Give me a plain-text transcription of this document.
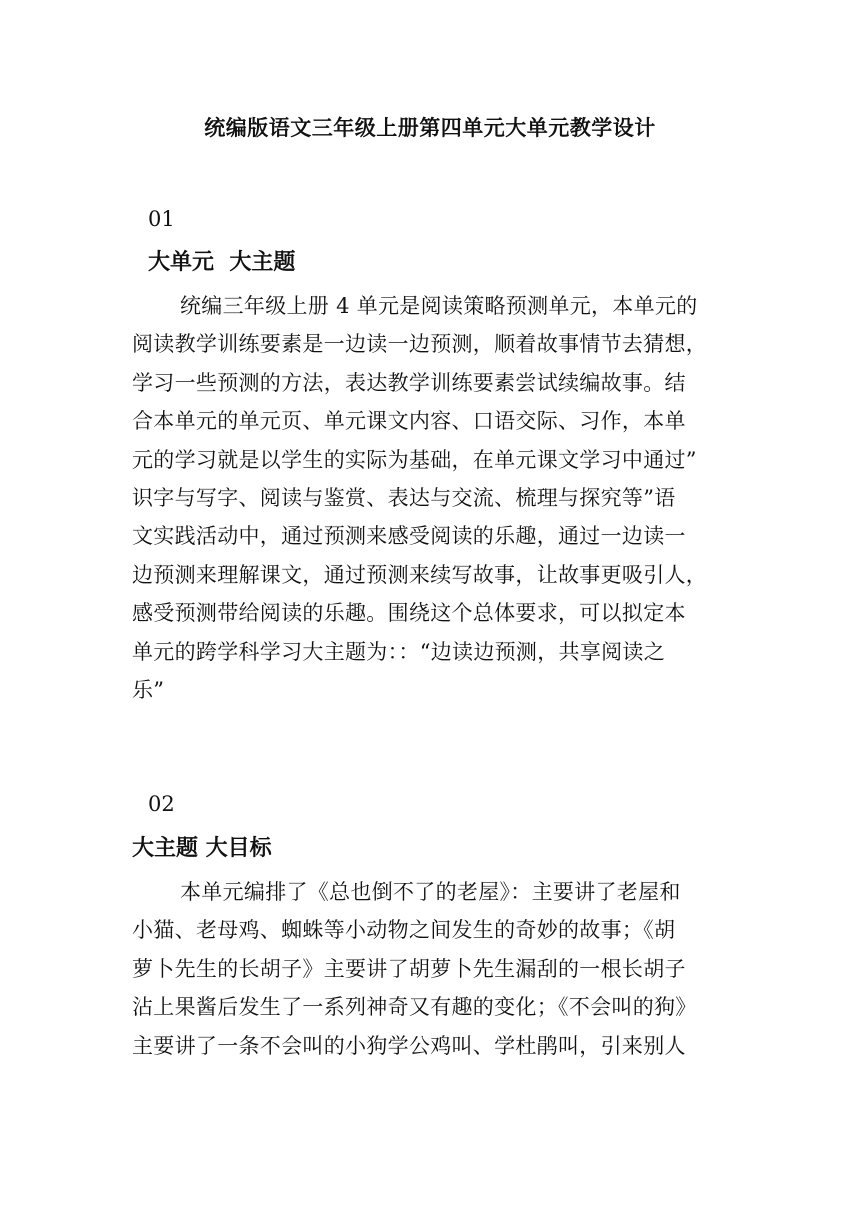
统编版语文三年级上册第四单元大单元教学设计
01
大单元  大主题
统编三年级上册 4 单元是阅读策略预测单元，本单元的
阅读教学训练要素是一边读一边预测，顺着故事情节去猜想，
学习一些预测的方法，表达教学训练要素尝试续编故事。结
合本单元的单元页、单元课文内容、口语交际、习作，本单
元的学习就是以学生的实际为基础，在单元课文学习中通过”
识字与写字、阅读与鉴赏、表达与交流、梳理与探究等”语
文实践活动中，通过预测来感受阅读的乐趣，通过一边读一
边预测来理解课文，通过预测来续写故事，让故事更吸引人，
感受预测带给阅读的乐趣。围绕这个总体要求，可以拟定本
单元的跨学科学习大主题为：：“边读边预测，共享阅读之
乐”
02
大主题 大目标
本单元编排了《总也倒不了的老屋》：主要讲了老屋和
小猫、老母鸡、蜘蛛等小动物之间发生的奇妙的故事；《胡
萝卜先生的长胡子》主要讲了胡萝卜先生漏刮的一根长胡子
沾上果酱后发生了一系列神奇又有趣的变化；《不会叫的狗》
主要讲了一条不会叫的小狗学公鸡叫、学杜鹃叫，引来别人
